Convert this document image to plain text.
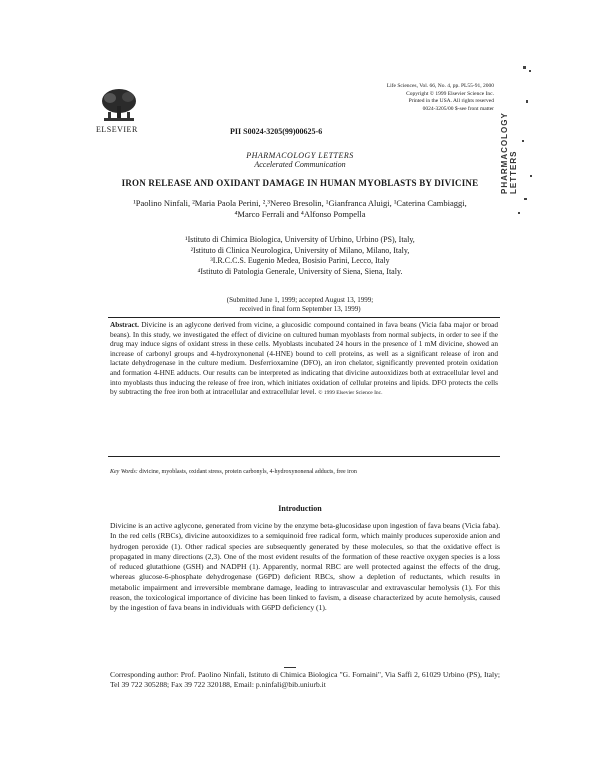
ELSEVIER	PII S0024-3205(99)00625-6
Life Sciences, Vol. 66, No. 4, pp. PL55-91, 2000
Copyright © 1999 Elsevier Science Inc.
Printed in the USA. All rights reserved
0024-3205/00 $-see front matter
PHARMACOLOGY LETTERS
PHARMACOLOGY LETTERS
Accelerated Communication
IRON RELEASE AND OXIDANT DAMAGE IN HUMAN MYOBLASTS BY DIVICINE
¹Paolino Ninfali, ²Maria Paola Perini, ²,³Nereo Bresolin, ¹Gianfranca Aluigi, ¹Caterina Cambiaggi,
⁴Marco Ferrali and ⁴Alfonso Pompella
¹Istituto di Chimica Biologica, University of Urbino, Urbino (PS), Italy,
²Istituto di Clinica Neurologica, University of Milano, Milano, Italy,
³I.R.C.C.S. Eugenio Medea, Bosisio Parini, Lecco, Italy
⁴Istituto di Patologia Generale, University of Siena, Siena, Italy.
(Submitted June 1, 1999; accepted August 13, 1999;
received in final form September 13, 1999)
Abstract. Divicine is an aglycone derived from vicine, a glucosidic compound contained in fava beans (Vicia faba major or broad beans). In this study, we investigated the effect of divicine on cultured human myoblasts from normal subjects, in order to see if the drug may induce signs of oxidant stress in these cells. Myoblasts incubated 24 hours in the presence of 1 mM divicine, showed an increase of carbonyl groups and 4-hydroxynonenal (4-HNE) bound to cell proteins, as well as a significant release of iron and lactate dehydrogenase in the culture medium. Desferrioxamine (DFO), an iron chelator, significantly prevented protein oxidation and formation 4-HNE adducts. Our results can be interpreted as indicating that divicine autooxidizes both at extracellular level and into myoblasts thus inducing the release of free iron, which initiates oxidation of cellular proteins and lipids. DFO protects the cells by subtracting the free iron both at intracellular and extracellular level. © 1999 Elsevier Science Inc.
Key Words: divicine, myoblasts, oxidant stress, protein carbonyls, 4-hydroxynonenal adducts, free iron
Introduction
Divicine is an active aglycone, generated from vicine by the enzyme beta-glucosidase upon ingestion of fava beans (Vicia faba). In the red cells (RBCs), divicine autooxidizes to a semiquinoid free radical form, which mainly produces superoxide anion and hydrogen peroxide (1). Other radical species are subsequently generated by these molecules, so that the oxidative effect is propagated in many directions (2,3). One of the most evident results of the formation of these reactive oxygen species is a loss of reduced glutathione (GSH) and NADPH (1). Apparently, normal RBC are well protected against the effects of the drug, whereas glucose-6-phosphate dehydrogenase (G6PD) deficient RBCs, show a depletion of reductants, which results in metabolic impairment and irreversible membrane damage, leading to intravascular and extravascular hemolysis (1). For this reason, the toxicological importance of divicine has been linked to favism, a disease characterized by acute hemolysis, caused by the ingestion of fava beans in individuals with G6PD deficiency (1).
Corresponding author: Prof. Paolino Ninfali, Istituto di Chimica Biologica "G. Fornaini", Via Saffi 2, 61029 Urbino (PS), Italy; Tel 39 722 305288; Fax 39 722 320188, Email: p.ninfali@bib.uniurb.it
